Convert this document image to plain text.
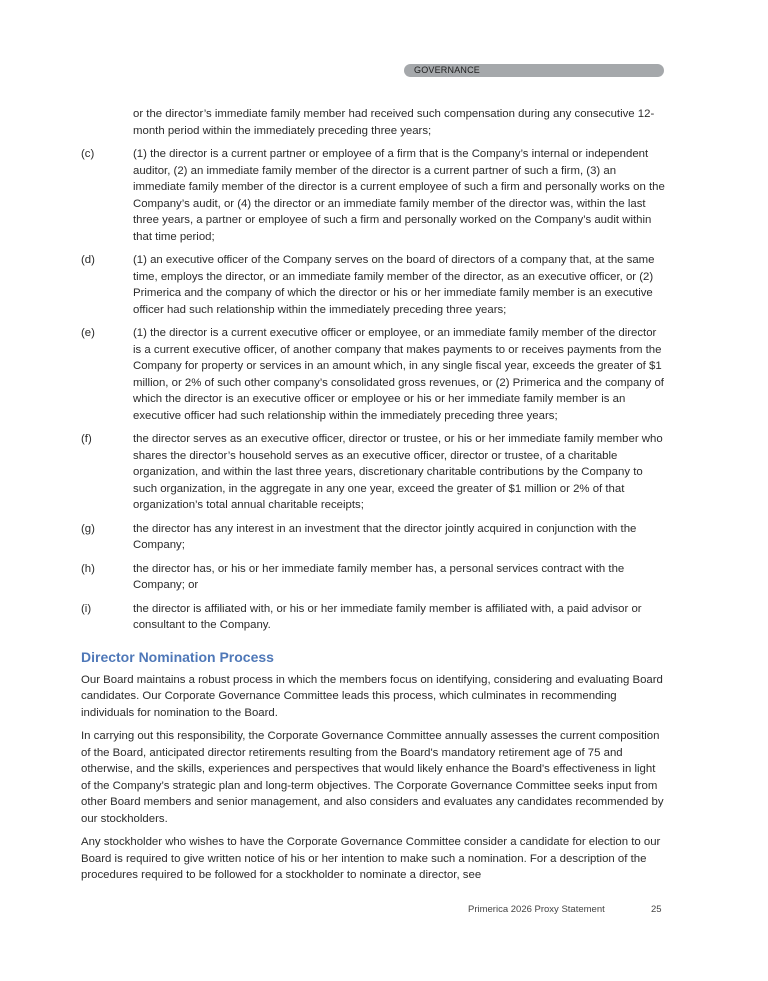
GOVERNANCE
or the director’s immediate family member had received such compensation during any consecutive 12-month period within the immediately preceding three years;
(c)	(1) the director is a current partner or employee of a firm that is the Company’s internal or independent auditor, (2) an immediate family member of the director is a current partner of such a firm, (3) an immediate family member of the director is a current employee of such a firm and personally works on the Company’s audit, or (4) the director or an immediate family member of the director was, within the last three years, a partner or employee of such a firm and personally worked on the Company’s audit within that time period;
(d)	(1) an executive officer of the Company serves on the board of directors of a company that, at the same time, employs the director, or an immediate family member of the director, as an executive officer, or (2) Primerica and the company of which the director or his or her immediate family member is an executive officer had such relationship within the immediately preceding three years;
(e)	(1) the director is a current executive officer or employee, or an immediate family member of the director is a current executive officer, of another company that makes payments to or receives payments from the Company for property or services in an amount which, in any single fiscal year, exceeds the greater of $1 million, or 2% of such other company’s consolidated gross revenues, or (2) Primerica and the company of which the director is an executive officer or employee or his or her immediate family member is an executive officer had such relationship within the immediately preceding three years;
(f)	the director serves as an executive officer, director or trustee, or his or her immediate family member who shares the director’s household serves as an executive officer, director or trustee, of a charitable organization, and within the last three years, discretionary charitable contributions by the Company to such organization, in the aggregate in any one year, exceed the greater of $1 million or 2% of that organization’s total annual charitable receipts;
(g)	the director has any interest in an investment that the director jointly acquired in conjunction with the Company;
(h)	the director has, or his or her immediate family member has, a personal services contract with the Company; or
(i)	the director is affiliated with, or his or her immediate family member is affiliated with, a paid advisor or consultant to the Company.
Director Nomination Process

Our Board maintains a robust process in which the members focus on identifying, considering and evaluating Board candidates. Our Corporate Governance Committee leads this process, which culminates in recommending individuals for nomination to the Board.

In carrying out this responsibility, the Corporate Governance Committee annually assesses the current composition of the Board, anticipated director retirements resulting from the Board's mandatory retirement age of 75 and otherwise, and the skills, experiences and perspectives that would likely enhance the Board's effectiveness in light of the Company’s strategic plan and long-term objectives. The Corporate Governance Committee seeks input from other Board members and senior management, and also considers and evaluates any candidates recommended by our stockholders.

Any stockholder who wishes to have the Corporate Governance Committee consider a candidate for election to our Board is required to give written notice of his or her intention to make such a nomination. For a description of the procedures required to be followed for a stockholder to nominate a director, see

Primerica 2026 Proxy Statement	25
